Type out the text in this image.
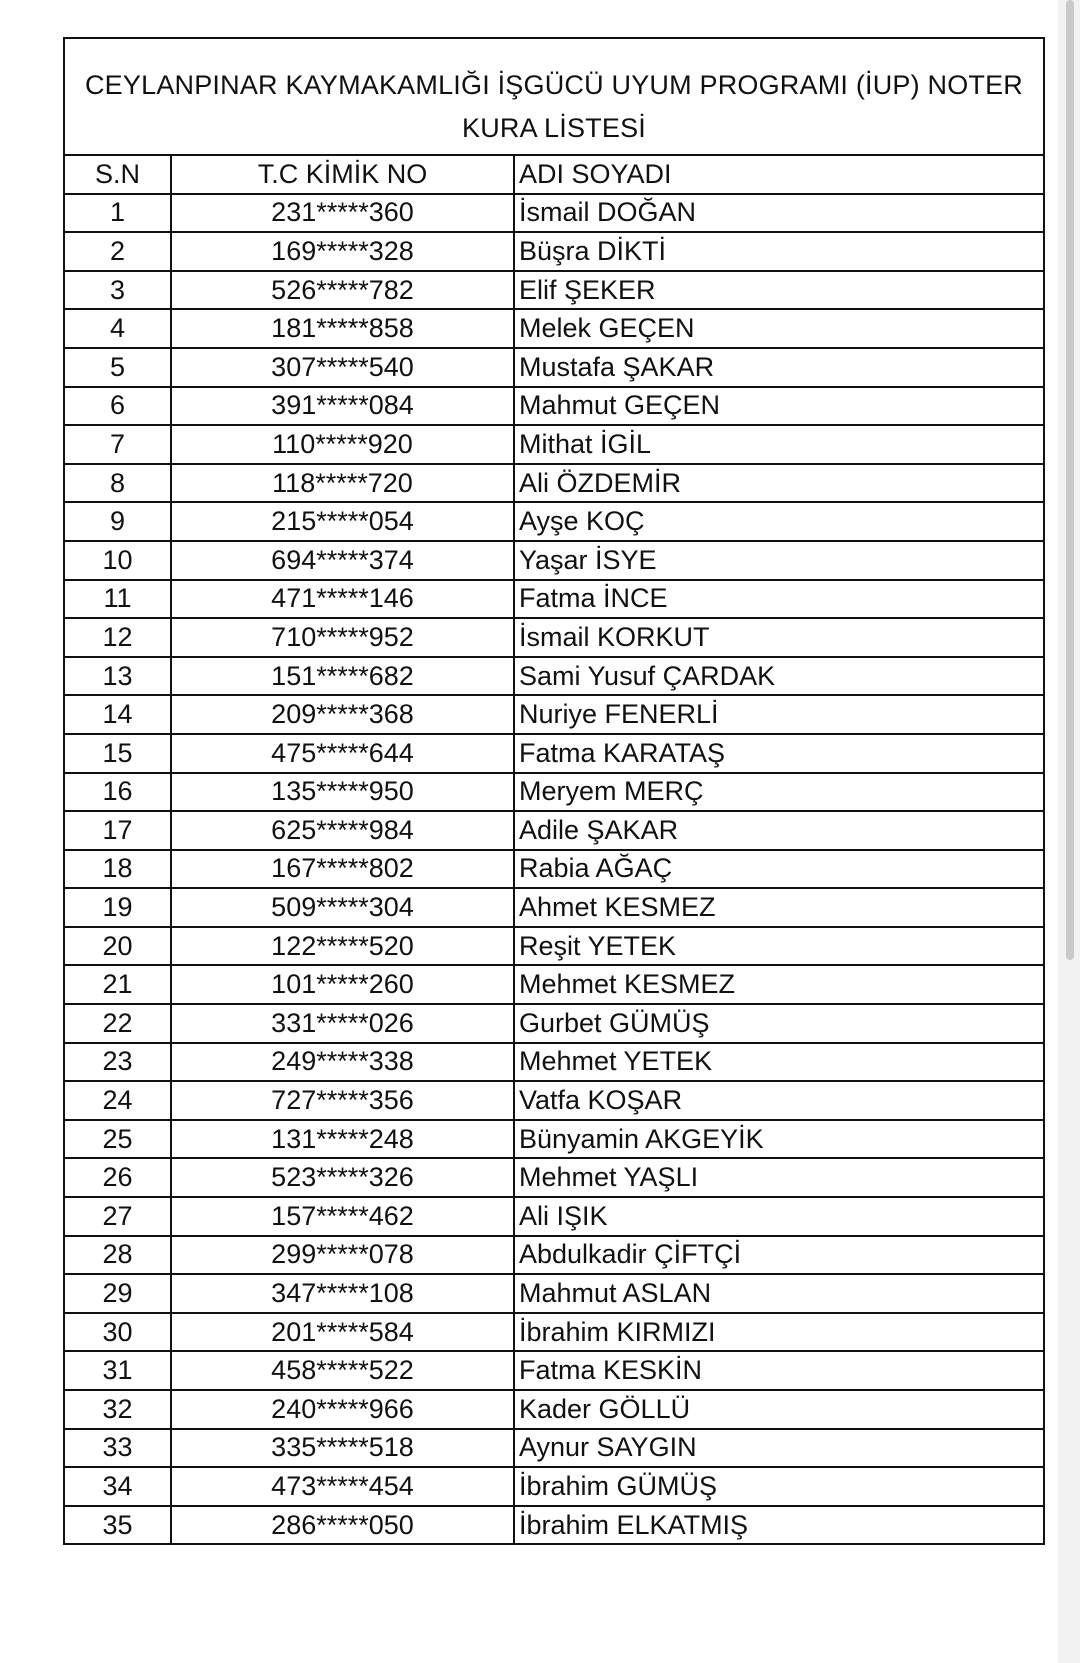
CEYLANPINAR KAYMAKAMLIĞI İŞGÜCÜ UYUM PROGRAMI (İUP) NOTER
KURA LİSTESİ		

S.N	T.C KİMİK NO	ADI SOYADI
1	231*****360	İsmail DOĞAN
2	169*****328	Büşra DİKTİ
3	526*****782	Elif ŞEKER
4	181*****858	Melek GEÇEN
5	307*****540	Mustafa ŞAKAR
6	391*****084	Mahmut GEÇEN
7	110*****920	Mithat İGİL
8	118*****720	Ali ÖZDEMİR
9	215*****054	Ayşe KOÇ
10	694*****374	Yaşar İSYE
11	471*****146	Fatma İNCE
12	710*****952	İsmail KORKUT
13	151*****682	Sami Yusuf ÇARDAK
14	209*****368	Nuriye FENERLİ
15	475*****644	Fatma KARATAŞ
16	135*****950	Meryem MERÇ
17	625*****984	Adile ŞAKAR
18	167*****802	Rabia AĞAÇ
19	509*****304	Ahmet KESMEZ
20	122*****520	Reşit YETEK
21	101*****260	Mehmet KESMEZ
22	331*****026	Gurbet GÜMÜŞ
23	249*****338	Mehmet YETEK
24	727*****356	Vatfa KOŞAR
25	131*****248	Bünyamin AKGEYİK
26	523*****326	Mehmet YAŞLI
27	157*****462	Ali IŞIK
28	299*****078	Abdulkadir ÇİFTÇİ
29	347*****108	Mahmut ASLAN
30	201*****584	İbrahim KIRMIZI
31	458*****522	Fatma KESKİN
32	240*****966	Kader GÖLLÜ
33	335*****518	Aynur SAYGIN
34	473*****454	İbrahim GÜMÜŞ
35	286*****050	İbrahim ELKATMIŞ
